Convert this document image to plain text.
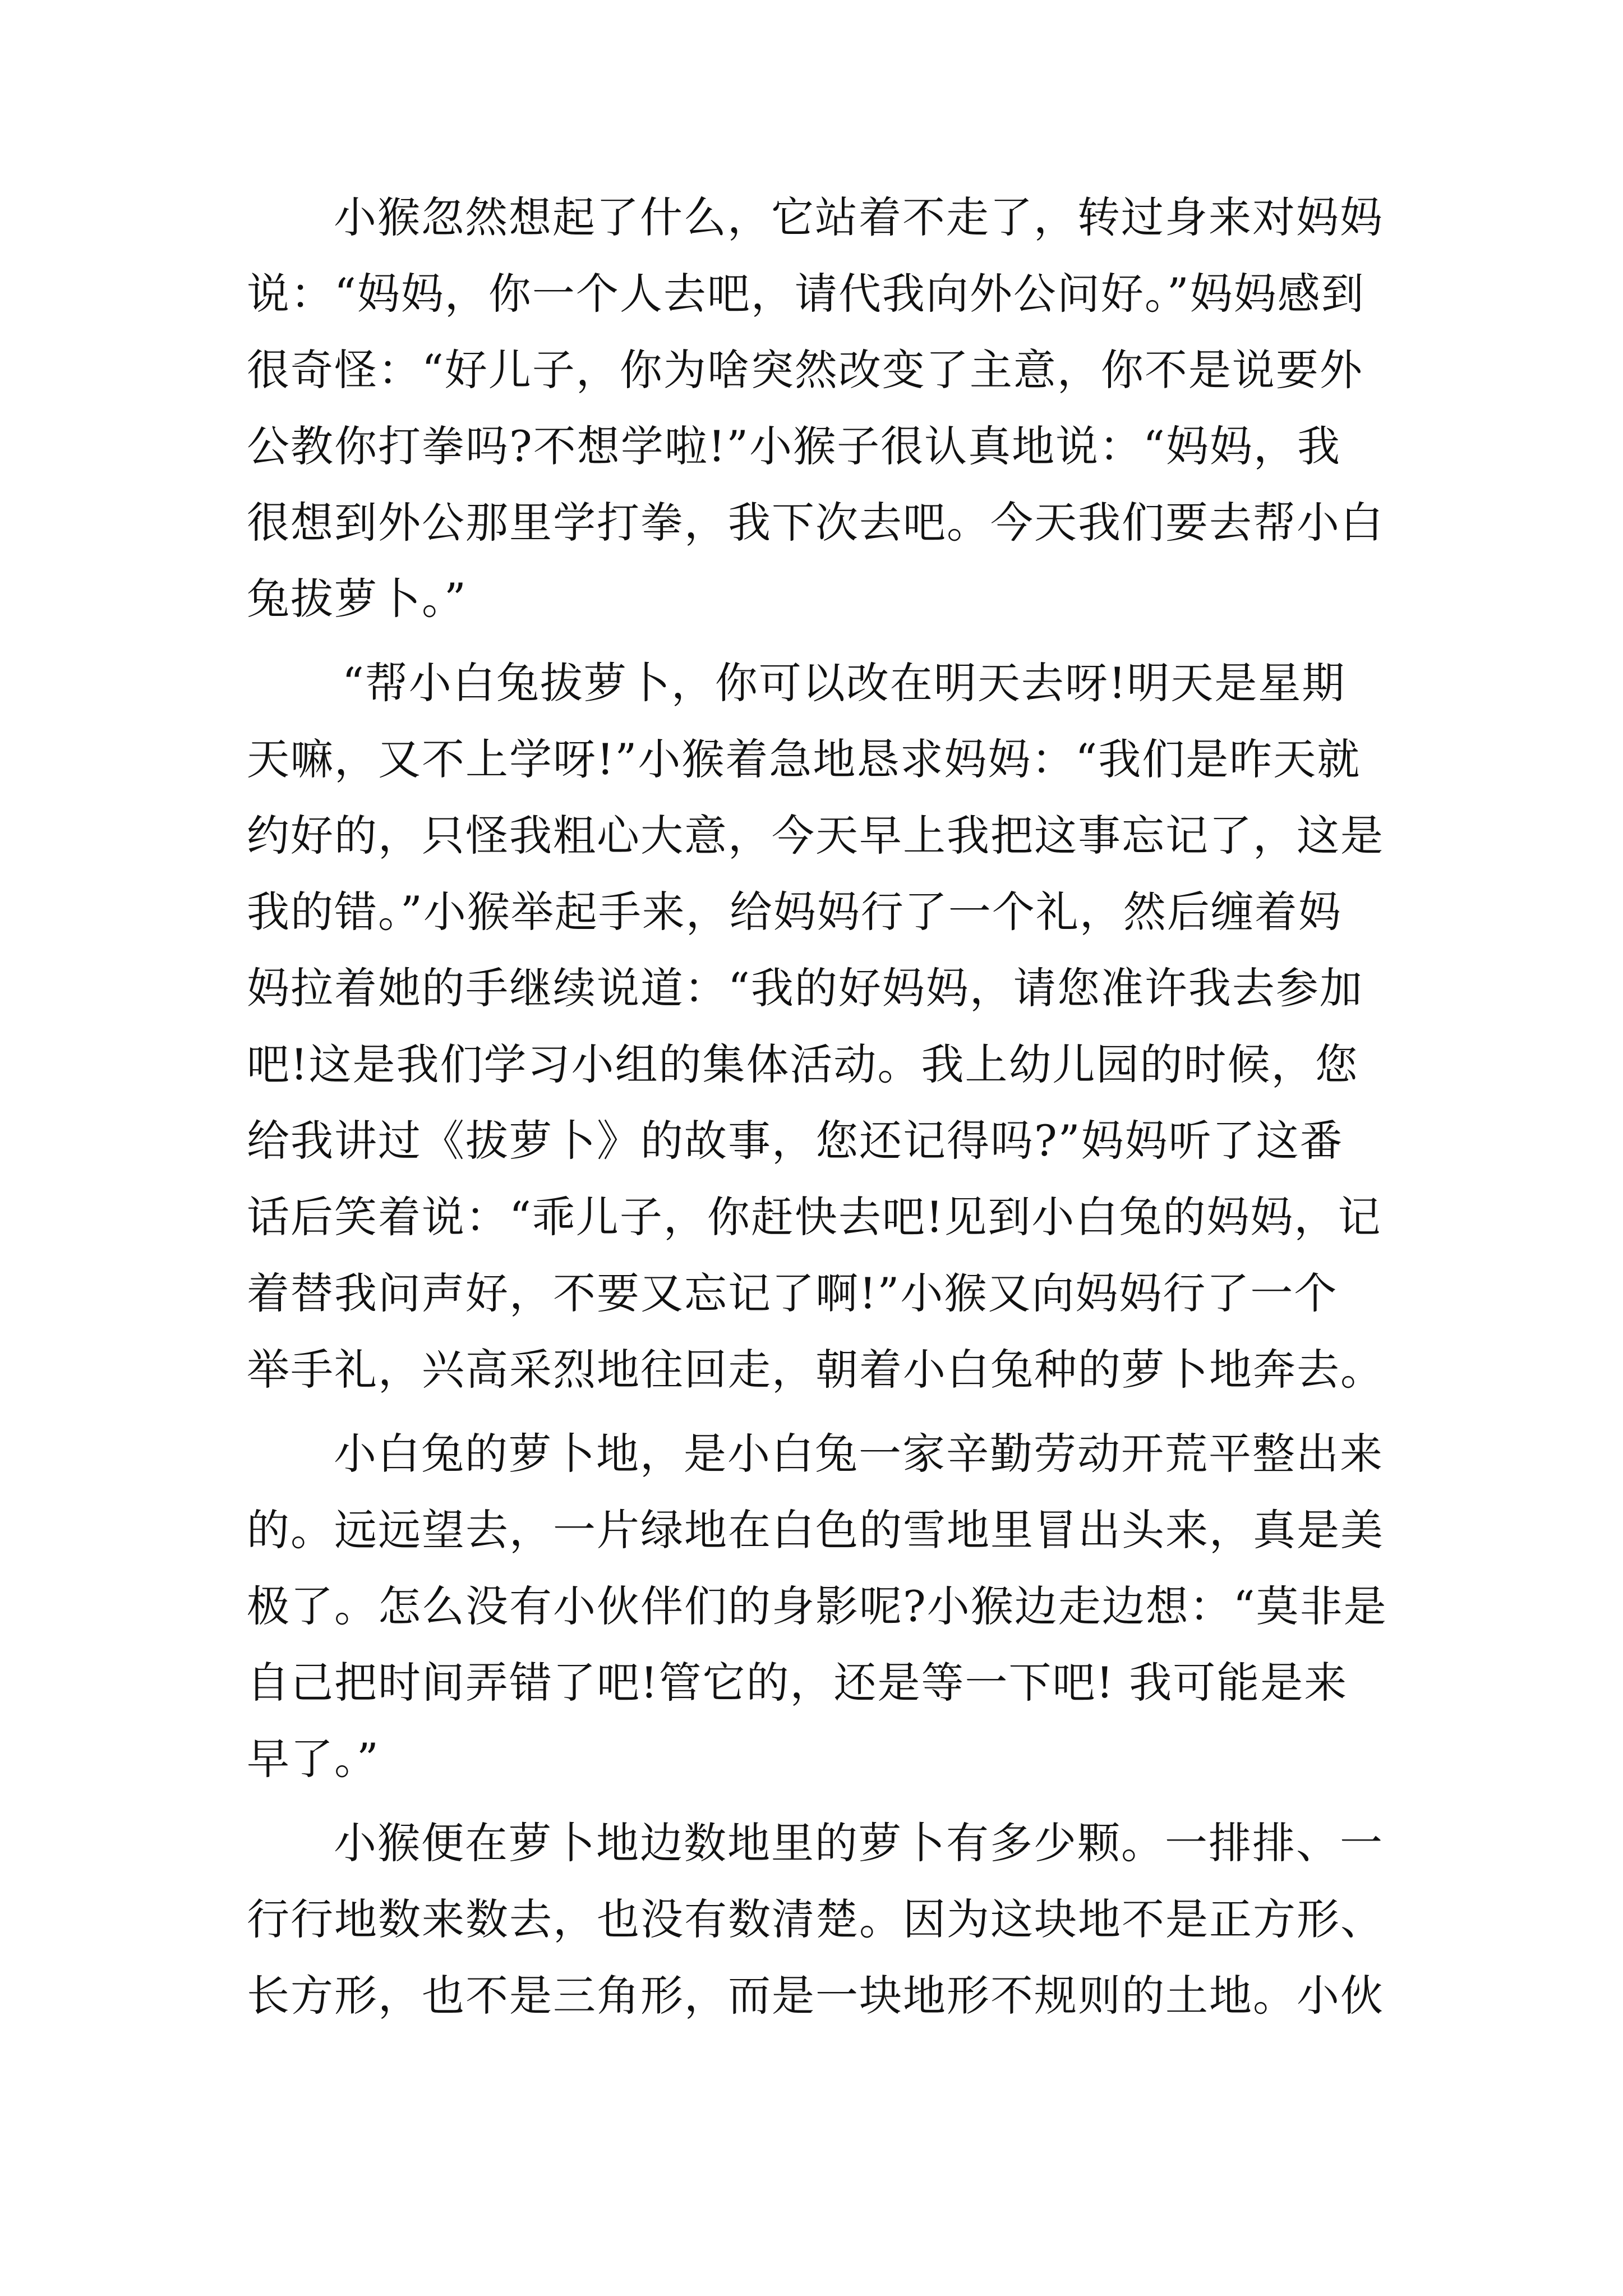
小猴忽然想起了什么，它站着不走了，转过身来对妈妈
说：“妈妈，你一个人去吧，请代我向外公问好。”妈妈感到
很奇怪：“好儿子，你为啥突然改变了主意，你不是说要外
公教你打拳吗?不想学啦!”小猴子很认真地说：“妈妈，我
很想到外公那里学打拳，我下次去吧。今天我们要去帮小白
兔拔萝卜。”
“帮小白兔拔萝卜，你可以改在明天去呀!明天是星期
天嘛，又不上学呀!”小猴着急地恳求妈妈：“我们是昨天就
约好的，只怪我粗心大意，今天早上我把这事忘记了，这是
我的错。”小猴举起手来，给妈妈行了一个礼，然后缠着妈
妈拉着她的手继续说道：“我的好妈妈，请您准许我去参加
吧!这是我们学习小组的集体活动。我上幼儿园的时候，您
给我讲过《拔萝卜》的故事，您还记得吗?”妈妈听了这番
话后笑着说：“乖儿子，你赶快去吧!见到小白兔的妈妈，记
着替我问声好，不要又忘记了啊!”小猴又向妈妈行了一个
举手礼，兴高采烈地往回走，朝着小白兔种的萝卜地奔去。
小白兔的萝卜地，是小白兔一家辛勤劳动开荒平整出来
的。远远望去，一片绿地在白色的雪地里冒出头来，真是美
极了。怎么没有小伙伴们的身影呢?小猴边走边想：“莫非是
自己把时间弄错了吧!管它的，还是等一下吧! 我可能是来
早了。”
小猴便在萝卜地边数地里的萝卜有多少颗。一排排、一
行行地数来数去，也没有数清楚。因为这块地不是正方形、
长方形，也不是三角形，而是一块地形不规则的土地。小伙
